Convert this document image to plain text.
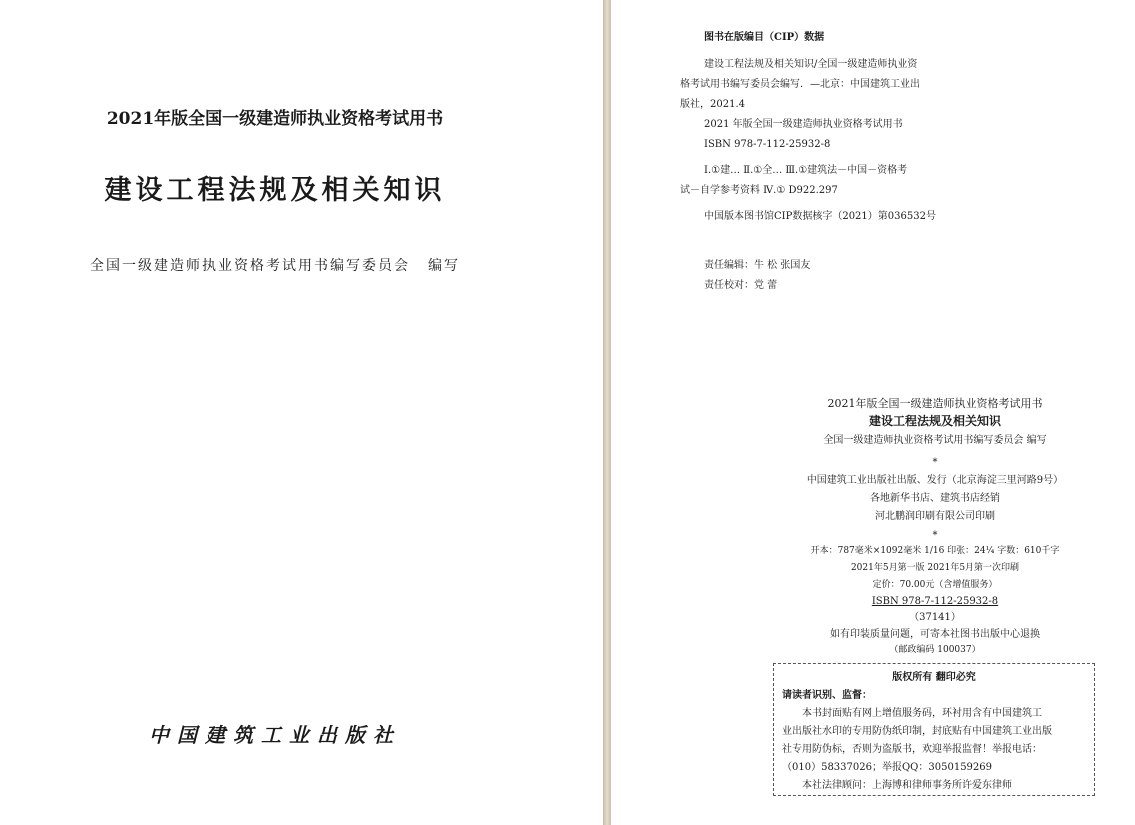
2021年版全国一级建造师执业资格考试用书
建设工程法规及相关知识
全国一级建造师执业资格考试用书编写委员会 编写
中国建筑工业出版社
图书在版编目（CIP）数据
建设工程法规及相关知识/全国一级建造师执业资
格考试用书编写委员会编写．—北京：中国建筑工业出
版社，2021.4
2021 年版全国一级建造师执业资格考试用书
ISBN 978-7-112-25932-8
Ⅰ.①建… Ⅱ.①全… Ⅲ.①建筑法－中国－资格考
试－自学参考资料 Ⅳ.① D922.297
中国版本图书馆CIP数据核字（2021）第036532号
责任编辑：牛 松 张国友
责任校对：党 蕾
2021年版全国一级建造师执业资格考试用书
建设工程法规及相关知识
全国一级建造师执业资格考试用书编写委员会 编写
*
中国建筑工业出版社出版、发行（北京海淀三里河路9号）
各地新华书店、建筑书店经销
河北鹏润印刷有限公司印刷
*
开本：787毫米×1092毫米 1/16 印张：24¼ 字数：610千字
2021年5月第一版 2021年5月第一次印刷
定价：70.00元（含增值服务）
ISBN 978-7-112-25932-8
（37141）
如有印装质量问题，可寄本社图书出版中心退换
（邮政编码 100037）
版权所有 翻印必究
请读者识别、监督：

本书封面贴有网上增值服务码，环衬用含有中国建筑工

业出版社水印的专用防伪纸印制，封底贴有中国建筑工业出版
社专用防伪标，否则为盗版书，欢迎举报监督！举报电话：
（010）58337026；举报QQ：3050159269

本社法律顾问：上海博和律师事务所许爱东律师
